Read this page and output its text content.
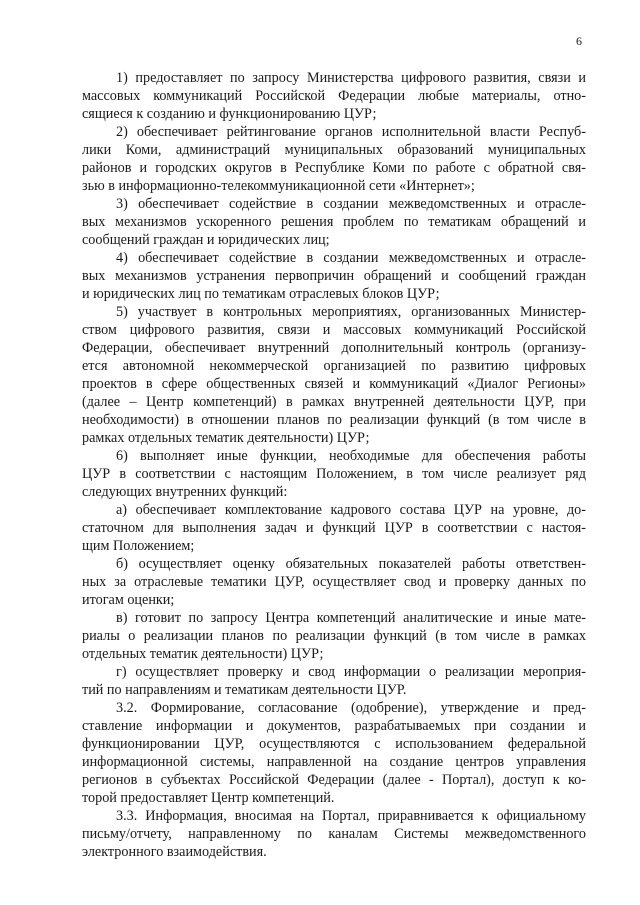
6
1) предоставляет по запросу Министерства цифрового развития, связи и
массовых коммуникаций Российской Федерации любые материалы, отно-
сящиеся к созданию и функционированию ЦУР;
2) обеспечивает рейтингование органов исполнительной власти Респуб-
лики Коми, администраций муниципальных образований муниципальных
районов и городских округов в Республике Коми по работе с обратной свя-
зью в информационно-телекоммуникационной сети «Интернет»;
3) обеспечивает содействие в создании межведомственных и отрасле-
вых механизмов ускоренного решения проблем по тематикам обращений и
сообщений граждан и юридических лиц;
4) обеспечивает содействие в создании межведомственных и отрасле-
вых механизмов устранения первопричин обращений и сообщений граждан
и юридических лиц по тематикам отраслевых блоков ЦУР;
5) участвует в контрольных мероприятиях, организованных Министер-
ством цифрового развития, связи и массовых коммуникаций Российской
Федерации, обеспечивает внутренний дополнительный контроль (организу-
ется автономной некоммерческой организацией по развитию цифровых
проектов в сфере общественных связей и коммуникаций «Диалог Регионы»
(далее – Центр компетенций) в рамках внутренней деятельности ЦУР, при
необходимости) в отношении планов по реализации функций (в том числе в
рамках отдельных тематик деятельности) ЦУР;
6) выполняет иные функции, необходимые для обеспечения работы
ЦУР в соответствии с настоящим Положением, в том числе реализует ряд
следующих внутренних функций:
а) обеспечивает комплектование кадрового состава ЦУР на уровне, до-
статочном для выполнения задач и функций ЦУР в соответствии с настоя-
щим Положением;
б) осуществляет оценку обязательных показателей работы ответствен-
ных за отраслевые тематики ЦУР, осуществляет свод и проверку данных по
итогам оценки;
в) готовит по запросу Центра компетенций аналитические и иные мате-
риалы о реализации планов по реализации функций (в том числе в рамках
отдельных тематик деятельности) ЦУР;
г) осуществляет проверку и свод информации о реализации мероприя-
тий по направлениям и тематикам деятельности ЦУР.
3.2. Формирование, согласование (одобрение), утверждение и пред-
ставление информации и документов, разрабатываемых при создании и
функционировании ЦУР, осуществляются с использованием федеральной
информационной системы, направленной на создание центров управления
регионов в субъектах Российской Федерации (далее - Портал), доступ к ко-
торой предоставляет Центр компетенций.
3.3. Информация, вносимая на Портал, приравнивается к официальному
письму/отчету, направленному по каналам Системы межведомственного
электронного взаимодействия.
